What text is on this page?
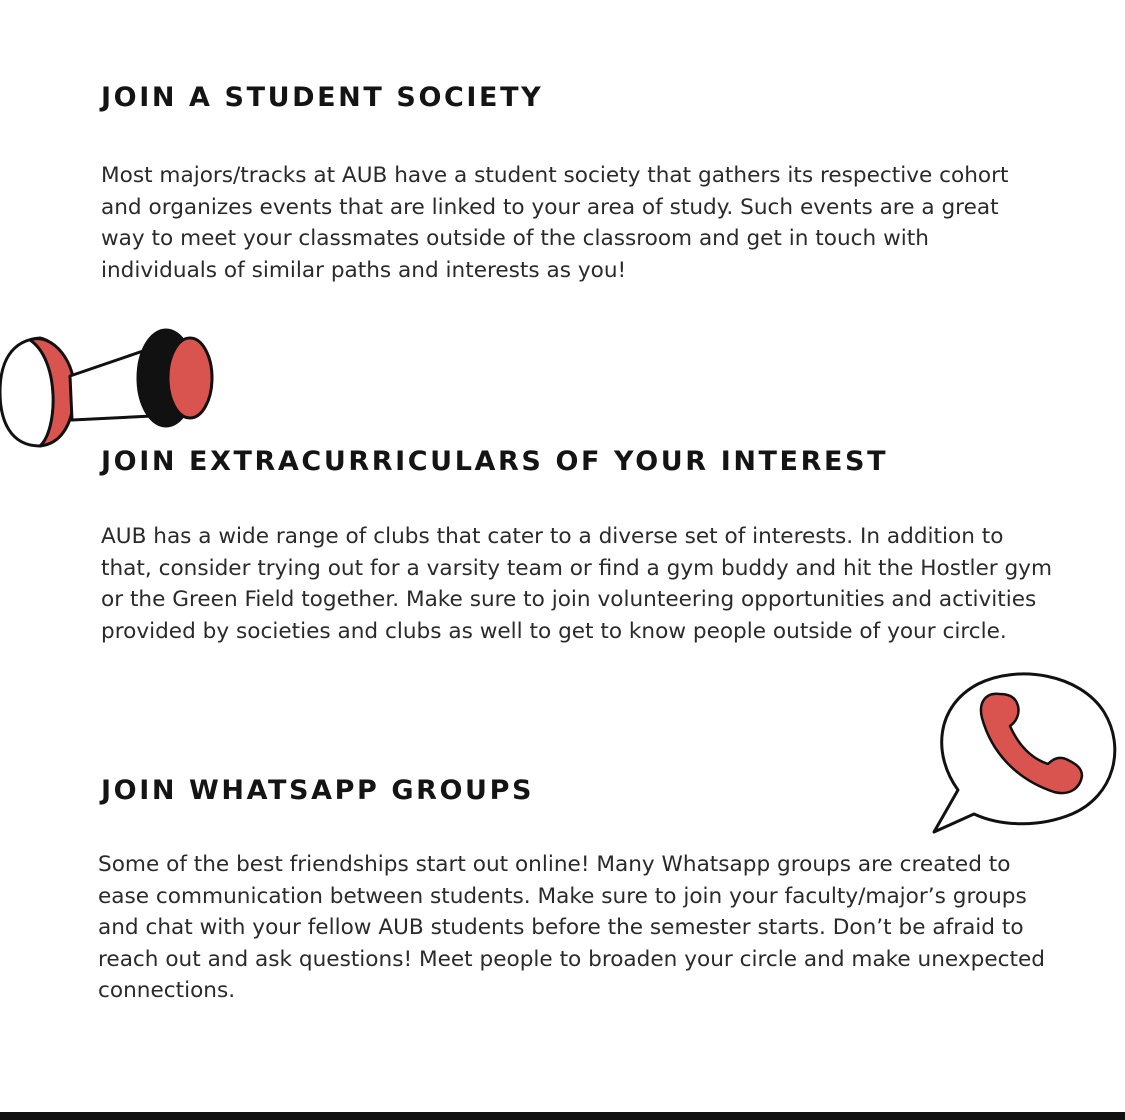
JOIN A STUDENT SOCIETY

Most majors/tracks at AUB have a student society that gathers its respective cohort and organizes events that are linked to your area of study. Such events are a great way to meet your classmates outside of the classroom and get in touch with individuals of similar paths and interests as you!

JOIN EXTRACURRICULARS OF YOUR INTEREST

AUB has a wide range of clubs that cater to a diverse set of interests. In addition to that, consider trying out for a varsity team or find a gym buddy and hit the Hostler gym or the Green Field together. Make sure to join volunteering opportunities and activities provided by societies and clubs as well to get to know people outside of your circle.

JOIN WHATSAPP GROUPS

Some of the best friendships start out online! Many Whatsapp groups are created to ease communication between students. Make sure to join your faculty/major’s groups and chat with your fellow AUB students before the semester starts. Don’t be afraid to reach out and ask questions! Meet people to broaden your circle and make unexpected connections.
